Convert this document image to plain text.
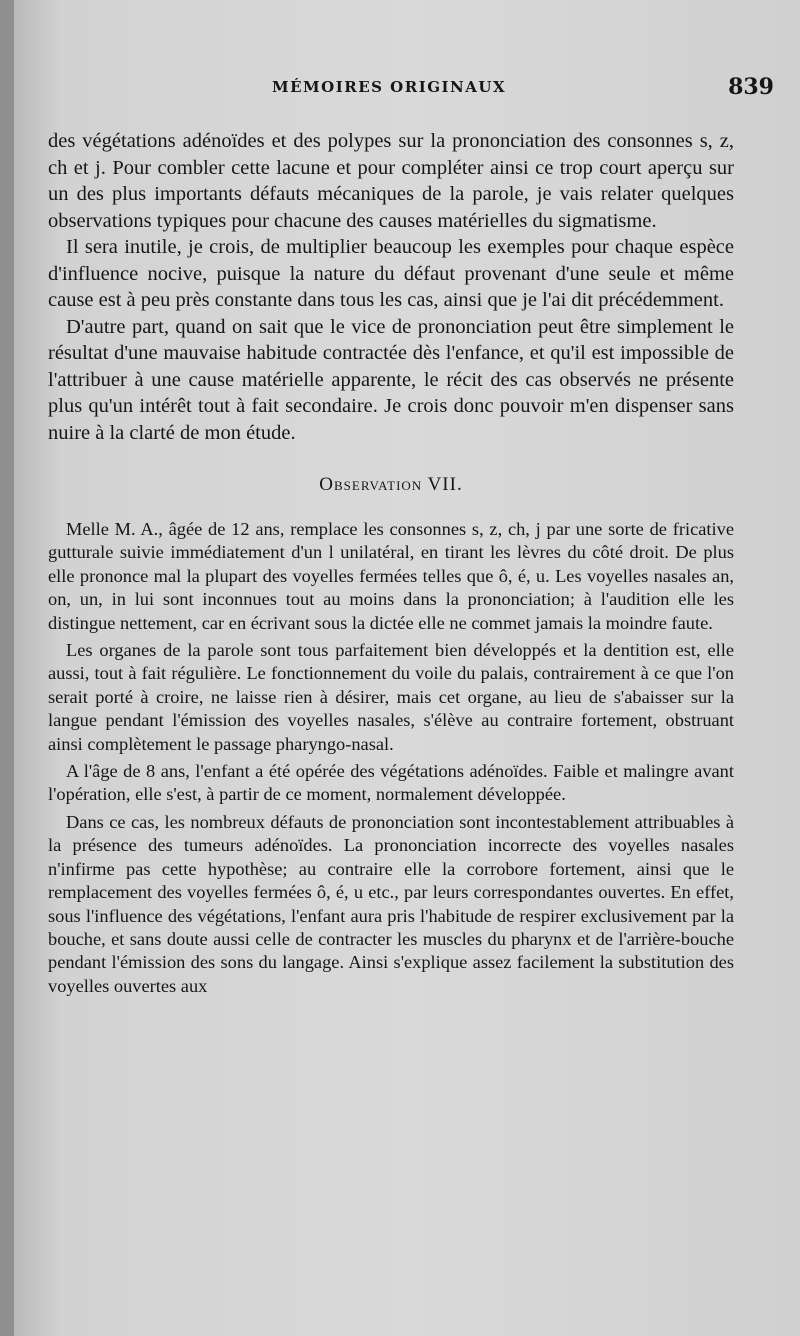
MÉMOIRES ORIGINAUX	839

des végétations adénoïdes et des polypes sur la prononciation des consonnes s, z, ch et j. Pour combler cette lacune et pour compléter ainsi ce trop court aperçu sur un des plus importants défauts mécaniques de la parole, je vais relater quelques observations typiques pour chacune des causes matérielles du sigmatisme.

Il sera inutile, je crois, de multiplier beaucoup les exemples pour chaque espèce d'influence nocive, puisque la nature du défaut provenant d'une seule et même cause est à peu près constante dans tous les cas, ainsi que je l'ai dit précédemment.

D'autre part, quand on sait que le vice de prononciation peut être simplement le résultat d'une mauvaise habitude contractée dès l'enfance, et qu'il est impossible de l'attribuer à une cause matérielle apparente, le récit des cas observés ne présente plus qu'un intérêt tout à fait secondaire. Je crois donc pouvoir m'en dispenser sans nuire à la clarté de mon étude.

Observation VII.

Melle M. A., âgée de 12 ans, remplace les consonnes s, z, ch, j par une sorte de fricative gutturale suivie immédiatement d'un l unilatéral, en tirant les lèvres du côté droit. De plus elle prononce mal la plupart des voyelles fermées telles que ô, é, u. Les voyelles nasales an, on, un, in lui sont inconnues tout au moins dans la prononciation; à l'audition elle les distingue nettement, car en écrivant sous la dictée elle ne commet jamais la moindre faute.

Les organes de la parole sont tous parfaitement bien développés et la dentition est, elle aussi, tout à fait régulière. Le fonctionnement du voile du palais, contrairement à ce que l'on serait porté à croire, ne laisse rien à désirer, mais cet organe, au lieu de s'abaisser sur la langue pendant l'émission des voyelles nasales, s'élève au contraire fortement, obstruant ainsi complètement le passage pharyngo-nasal.

A l'âge de 8 ans, l'enfant a été opérée des végétations adénoïdes. Faible et malingre avant l'opération, elle s'est, à partir de ce moment, normalement développée.

Dans ce cas, les nombreux défauts de prononciation sont incontestablement attribuables à la présence des tumeurs adénoïdes. La prononciation incorrecte des voyelles nasales n'infirme pas cette hypothèse; au contraire elle la corrobore fortement, ainsi que le remplacement des voyelles fermées ô, é, u etc., par leurs correspondantes ouvertes. En effet, sous l'influence des végétations, l'enfant aura pris l'habitude de respirer exclusivement par la bouche, et sans doute aussi celle de contracter les muscles du pharynx et de l'arrière-bouche pendant l'émission des sons du langage. Ainsi s'explique assez facilement la substitution des voyelles ouvertes aux
